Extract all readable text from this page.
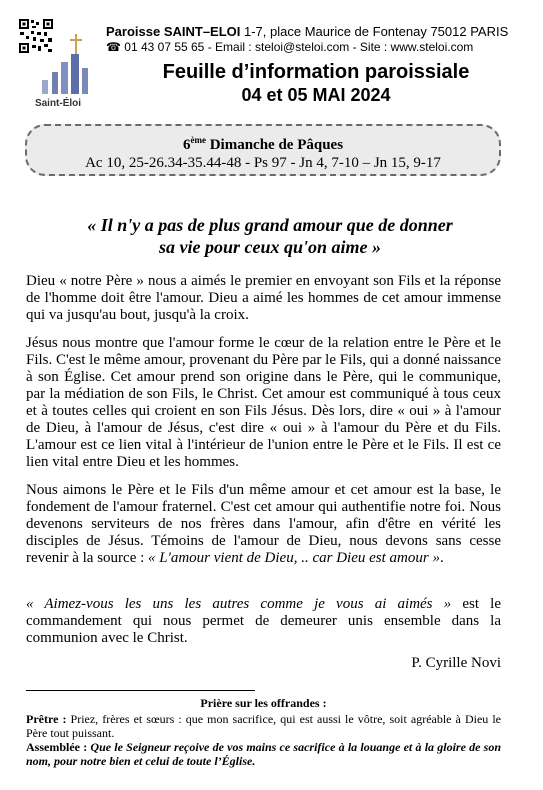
Saint-Éloi
Paroisse SAINT–ELOI 1-7, place Maurice de Fontenay 75012 PARIS
☎ 01 43 07 55 65 - Email : steloi@steloi.com - Site : www.steloi.com
Feuille d’information paroissiale
04 et 05 MAI 2024
6ème Dimanche de Pâques
Ac 10, 25-26.34-35.44-48 - Ps 97 - Jn 4, 7-10 – Jn 15, 9-17
« Il n'y a pas de plus grand amour que de donner
sa vie pour ceux qu'on aime »
Dieu « notre Père » nous a aimés le premier en envoyant son Fils et la réponse de l'homme doit être l'amour. Dieu a aimé les hommes de cet amour immense qui va jusqu'au bout, jusqu'à la croix.
Jésus nous montre que l'amour forme le cœur de la relation entre le Père et le Fils. C'est le même amour, provenant du Père par le Fils, qui a donné naissance à son Église. Cet amour prend son origine dans le Père, qui le communique, par la médiation de son Fils, le Christ. Cet amour est communiqué à tous ceux et à toutes celles qui croient en son Fils Jésus. Dès lors, dire « oui » à l'amour de Dieu, à l'amour de Jésus, c'est dire « oui » à l'amour du Père et du Fils. L'amour est ce lien vital à l'intérieur de l'union entre le Père et le Fils. Il est ce lien vital entre Dieu et les hommes.
Nous aimons le Père et le Fils d'un même amour et cet amour est la base, le fondement de l'amour fraternel. C'est cet amour qui authentifie notre foi. Nous devenons serviteurs de nos frères dans l'amour, afin d'être en vérité les disciples de Jésus. Témoins de l'amour de Dieu, nous devons sans cesse revenir à la source : « L'amour vient de Dieu, .. car Dieu est amour ».
« Aimez-vous les uns les autres comme je vous ai aimés » est le commandement qui nous permet de demeurer unis ensemble dans la communion avec le Christ.
P. Cyrille Novi
Prière sur les offrandes :
Prêtre : Priez, frères et sœurs : que mon sacrifice, qui est aussi le vôtre, soit agréable à Dieu le Père tout puissant.
Assemblée : Que le Seigneur reçoive de vos mains ce sacrifice à la louange et à la gloire de son nom, pour notre bien et celui de toute l’Église.
